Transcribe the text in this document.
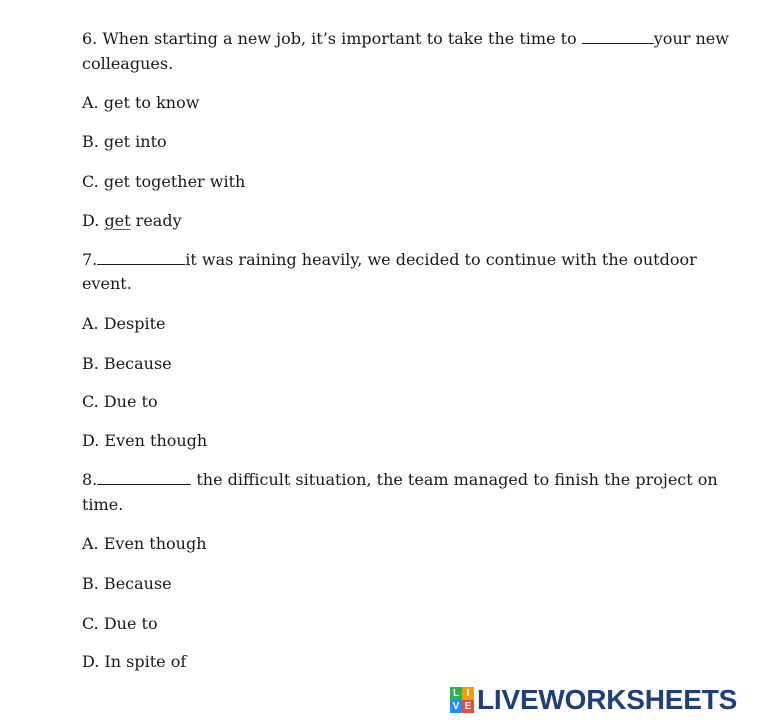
6. When starting a new job, it’s important to take the time to	your new
colleagues.
A. get to know
B. get into
C. get together with
D. get ready
7.	it was raining heavily, we decided to continue with the outdoor
event.
A. Despite
B. Because
C. Due to
D. Even though
8.	the difficult situation, the team managed to finish the project on
time.
A. Even though
B. Because
C. Due to
D. In spite of
L I
V E LIVEWORKSHEETS
